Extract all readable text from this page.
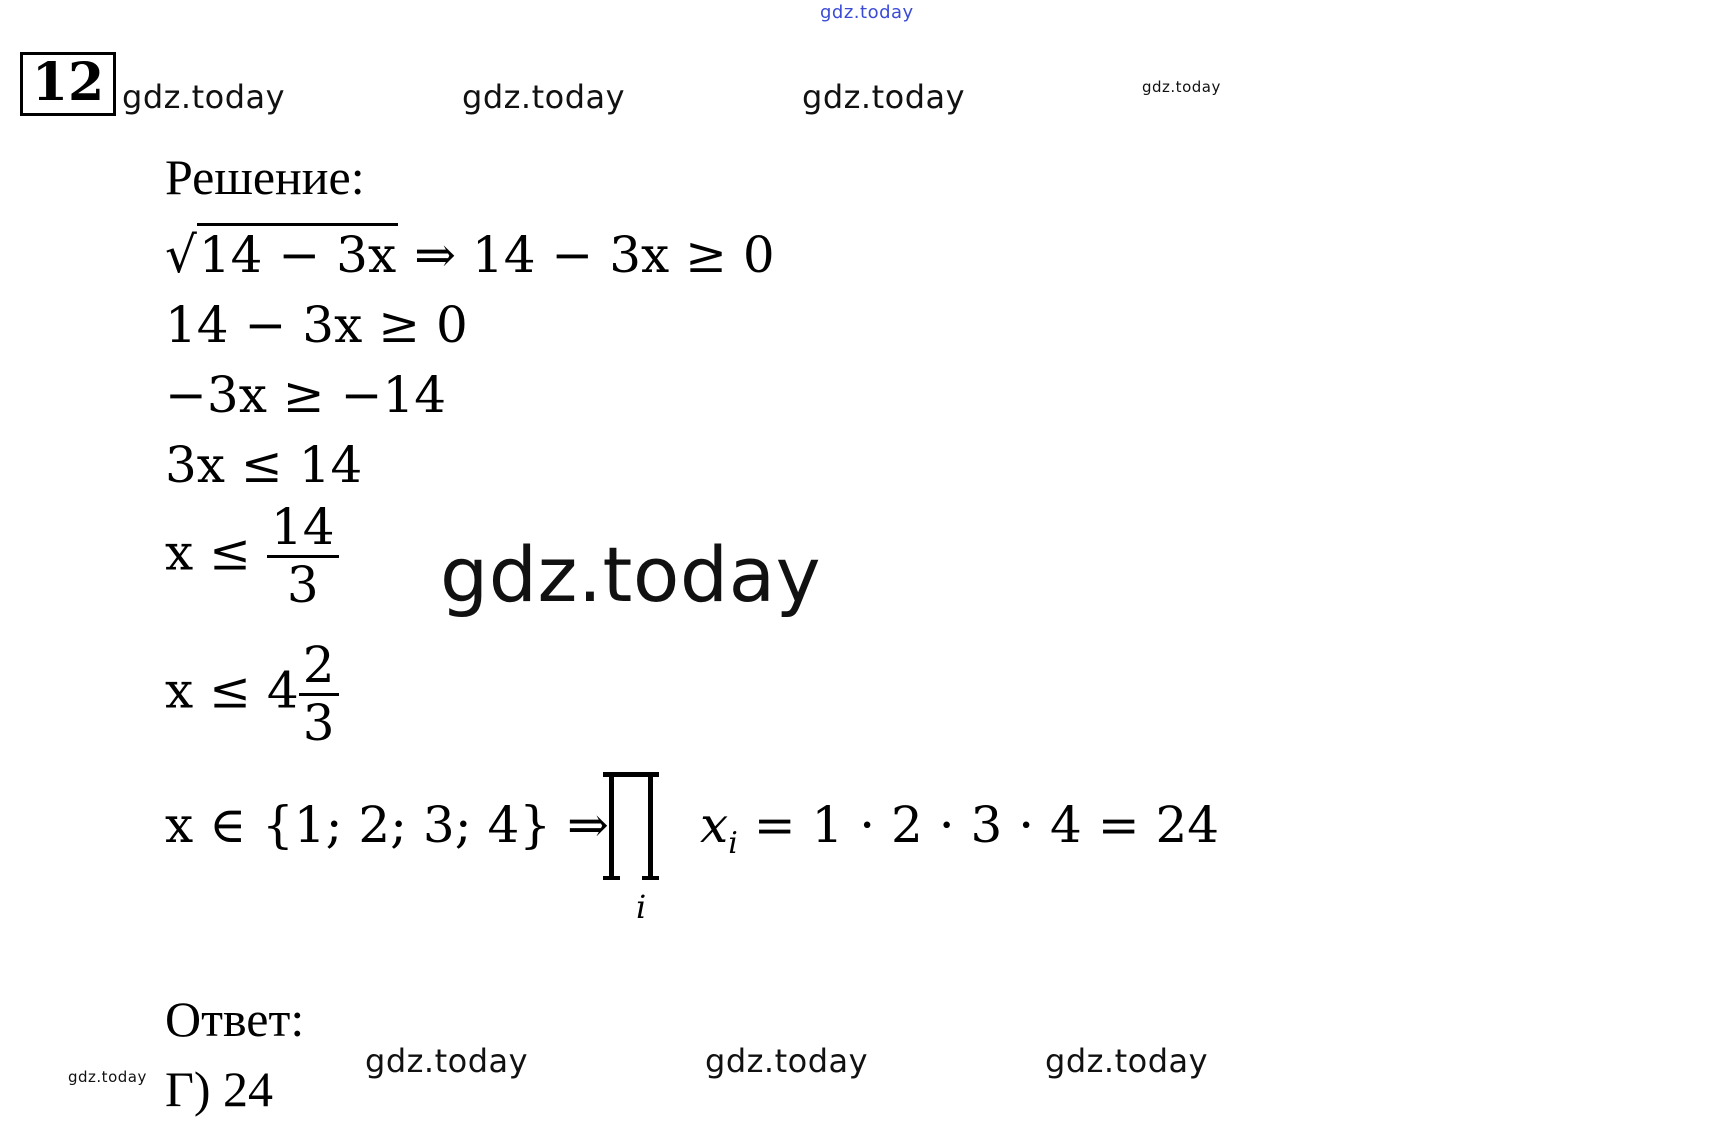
gdz.today
gdz.today	gdz.today	gdz.today	gdz.today
gdz.today
gdz.today	gdz.today	gdz.today	gdz.today
12
Решение:
√14 − 3x ⇒ 14 − 3x ≥ 0
14 − 3x ≥ 0
−3x ≥ −14
3x ≤ 14
$x \le \frac{14}{3}$
$x \le 4 \frac{2}{3}$
x ∈ {1; 2; 3; 4} ⇒
i
$x_i = 1 \cdot 2 \cdot 3 \cdot 4 = 24$
Ответ:
Г) 24
